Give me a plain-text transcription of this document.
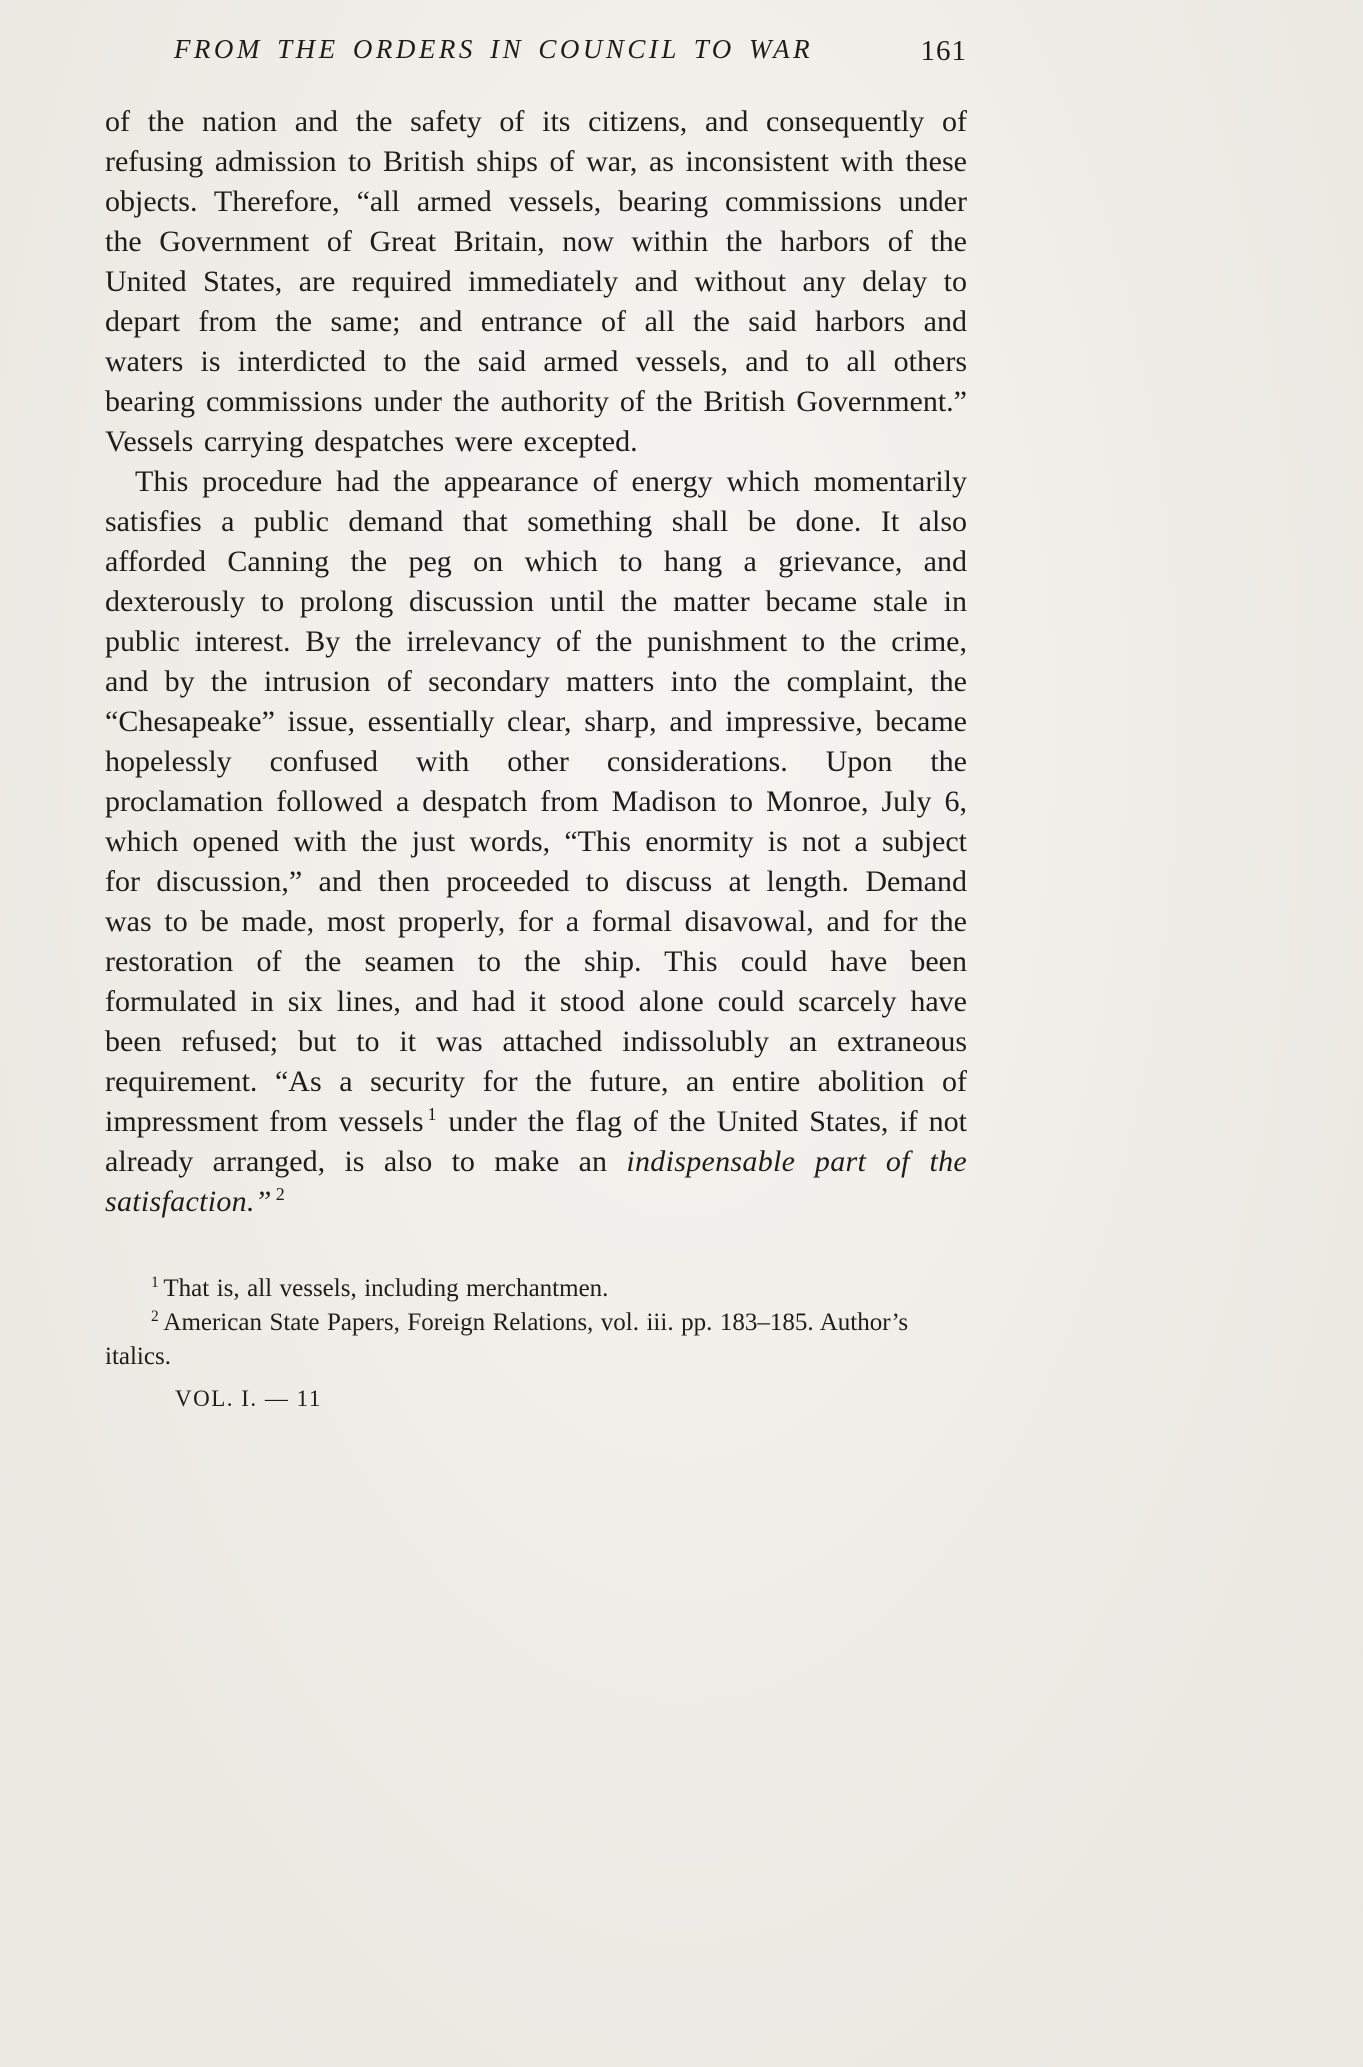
FROM THE ORDERS IN COUNCIL TO WAR	161

of the nation and the safety of its citizens, and consequently of refusing admission to British ships of war, as inconsistent with these objects. Therefore, “all armed vessels, bearing commissions under the Government of Great Britain, now within the harbors of the United States, are required immediately and without any delay to depart from the same; and entrance of all the said harbors and waters is interdicted to the said armed vessels, and to all others bearing commissions under the authority of the British Government.” Vessels carrying despatches were excepted.

This procedure had the appearance of energy which momentarily satisfies a public demand that something shall be done. It also afforded Canning the peg on which to hang a grievance, and dexterously to prolong discussion until the matter became stale in public interest. By the irrelevancy of the punishment to the crime, and by the intrusion of secondary matters into the complaint, the “Chesapeake” issue, essentially clear, sharp, and impressive, became hopelessly confused with other considerations. Upon the proclamation followed a despatch from Madison to Monroe, July 6, which opened with the just words, “This enormity is not a subject for discussion,” and then proceeded to discuss at length. Demand was to be made, most properly, for a formal disavowal, and for the restoration of the seamen to the ship. This could have been formulated in six lines, and had it stood alone could scarcely have been refused; but to it was attached indissolubly an extraneous requirement. “As a security for the future, an entire abolition of impressment from vessels $^1$ under the flag of the United States, if not already arranged, is also to make an indispensable part of the satisfaction.” $^2$

$^1$ That is, all vessels, including merchantmen.

$^2$ American State Papers, Foreign Relations, vol. iii. pp. 183–185. Author’s italics.

VOL. I. — 11
